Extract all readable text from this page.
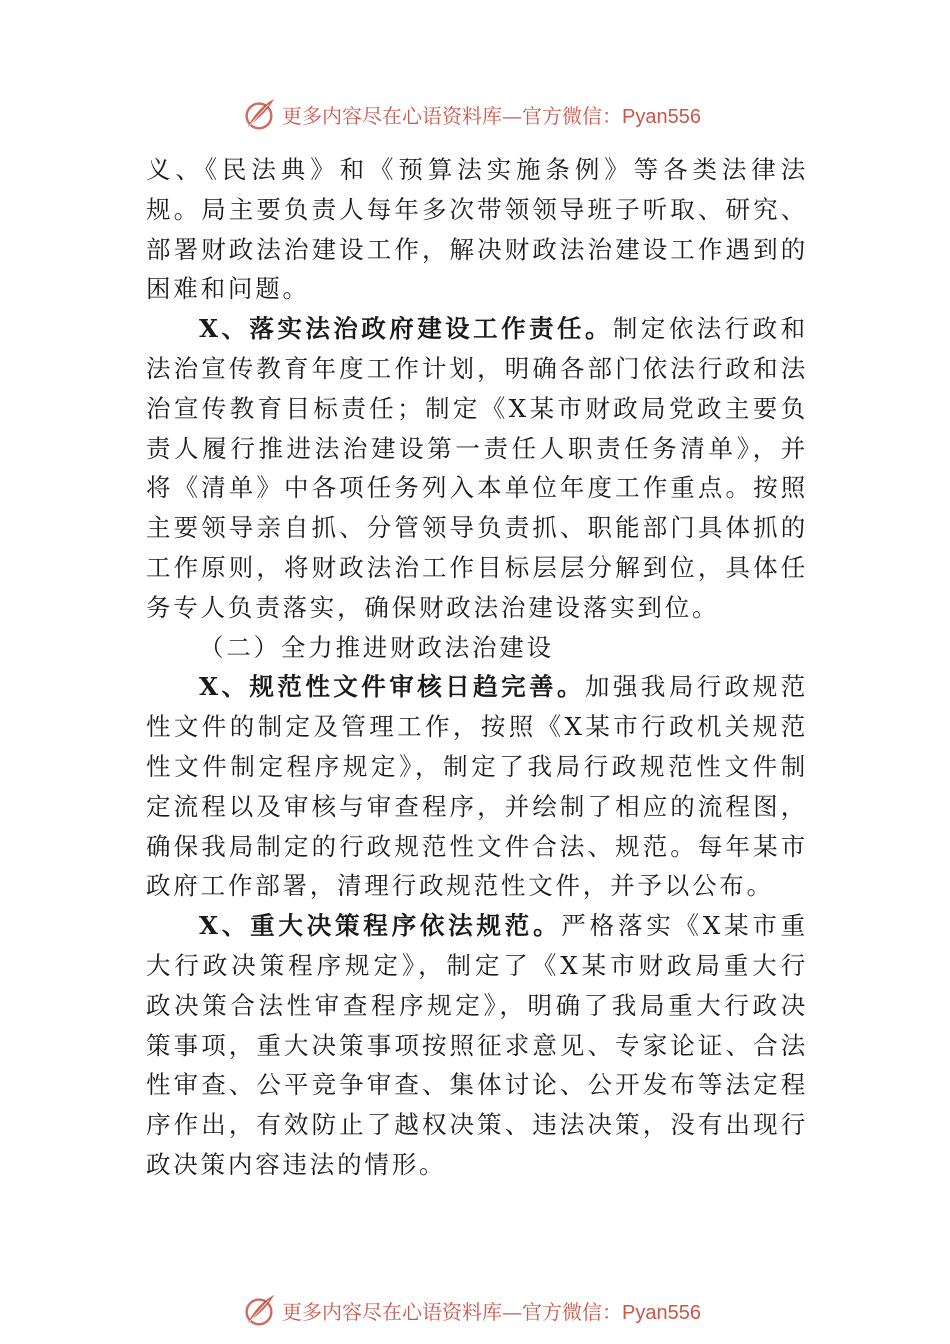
更多内容尽在心语资料库—官方微信：Pyan556

义、《民法典》和《预算法实施条例》等各类法律法规。局主要负责人每年多次带领领导班子听取、研究、部署财政法治建设工作，解决财政法治建设工作遇到的困难和问题。

X、落实法治政府建设工作责任。制定依法行政和法治宣传教育年度工作计划，明确各部门依法行政和法治宣传教育目标责任；制定《X某市财政局党政主要负责人履行推进法治建设第一责任人职责任务清单》，并将《清单》中各项任务列入本单位年度工作重点。按照主要领导亲自抓、分管领导负责抓、职能部门具体抓的工作原则，将财政法治工作目标层层分解到位，具体任务专人负责落实，确保财政法治建设落实到位。

（二）全力推进财政法治建设

X、规范性文件审核日趋完善。加强我局行政规范性文件的制定及管理工作，按照《X某市行政机关规范性文件制定程序规定》，制定了我局行政规范性文件制定流程以及审核与审查程序，并绘制了相应的流程图，确保我局制定的行政规范性文件合法、规范。每年某市政府工作部署，清理行政规范性文件，并予以公布。

X、重大决策程序依法规范。严格落实《X某市重大行政决策程序规定》，制定了《X某市财政局重大行政决策合法性审查程序规定》，明确了我局重大行政决策事项，重大决策事项按照征求意见、专家论证、合法性审查、公平竞争审查、集体讨论、公开发布等法定程序作出，有效防止了越权决策、违法决策，没有出现行政决策内容违法的情形。

更多内容尽在心语资料库—官方微信：Pyan556
